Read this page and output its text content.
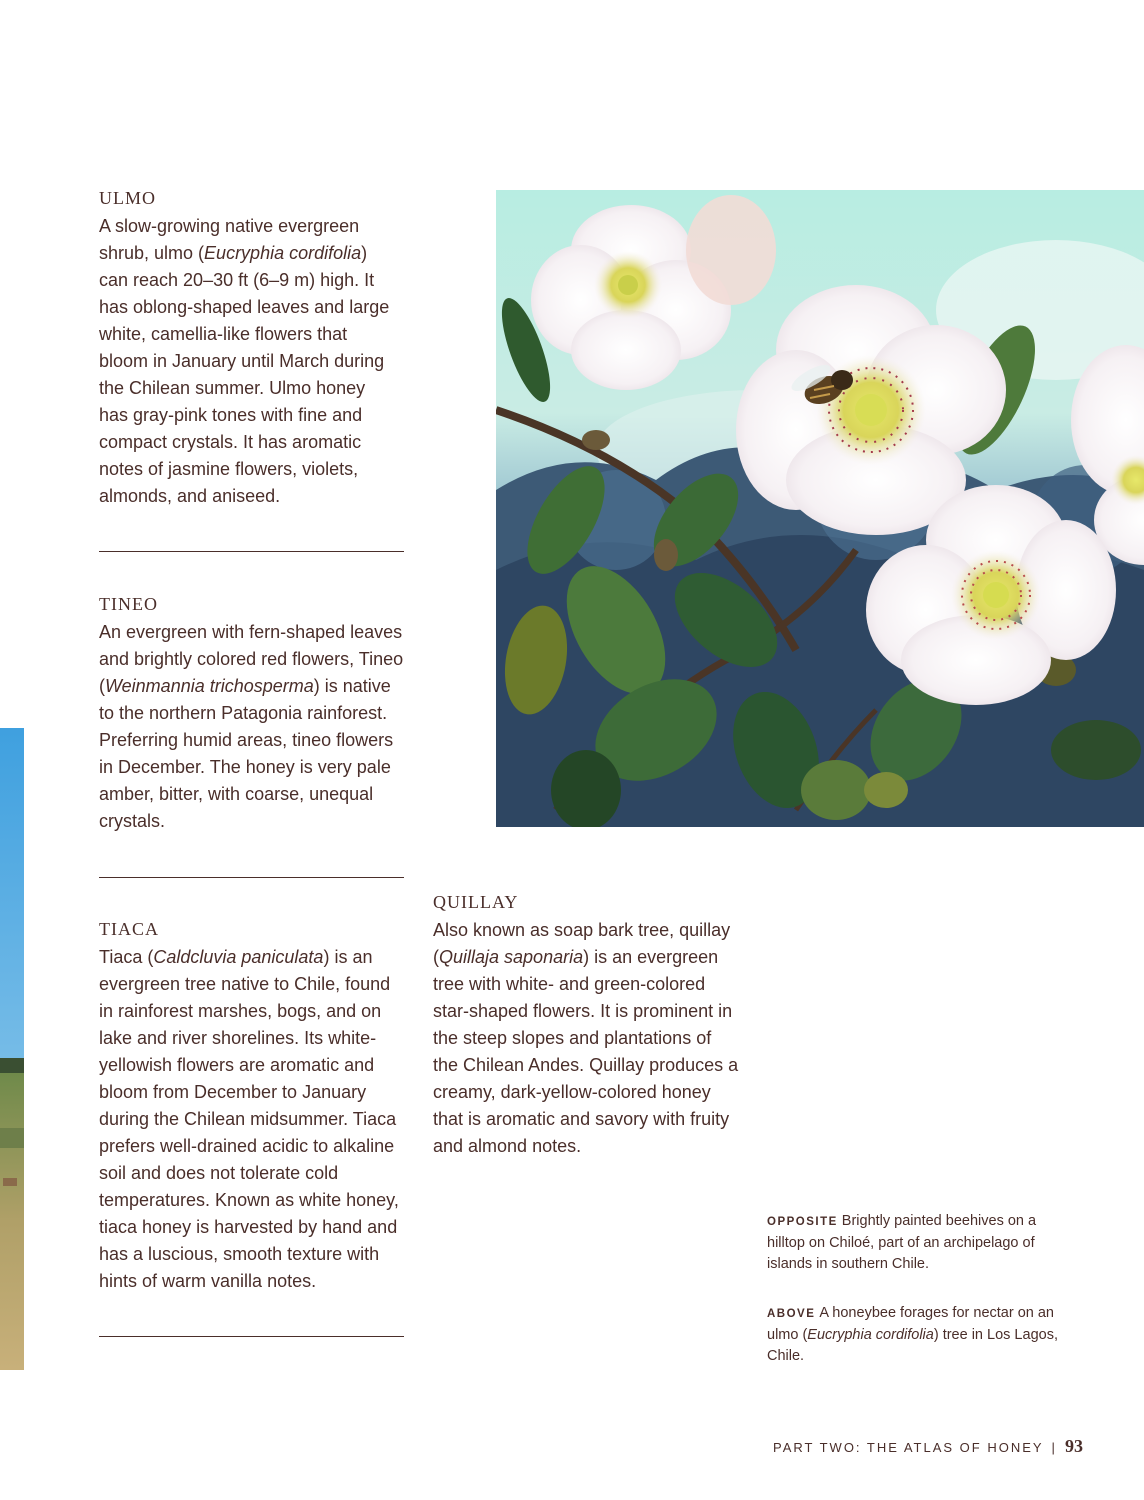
ULMO

A slow-growing native evergreen shrub, ulmo (Eucryphia cordifolia) can reach 20–30 ft (6–9 m) high. It has oblong-shaped leaves and large white, camellia-like flowers that bloom in January until March during the Chilean summer. Ulmo honey has gray-pink tones with fine and compact crystals. It has aromatic notes of jasmine flowers, violets, almonds, and aniseed.

TINEO

An evergreen with fern-shaped leaves and brightly colored red flowers, Tineo (Weinmannia trichosperma) is native to the northern Patagonia rainforest. Preferring humid areas, tineo flowers in December. The honey is very pale amber, bitter, with coarse, unequal crystals.

TIACA

Tiaca (Caldcluvia paniculata) is an evergreen tree native to Chile, found in rainforest marshes, bogs, and on lake and river shorelines. Its white-yellowish flowers are aromatic and bloom from December to January during the Chilean midsummer. Tiaca prefers well-drained acidic to alkaline soil and does not tolerate cold temperatures. Known as white honey, tiaca honey is harvested by hand and has a luscious, smooth texture with hints of warm vanilla notes.

QUILLAY

Also known as soap bark tree, quillay (Quillaja saponaria) is an evergreen tree with white- and green-colored star-shaped flowers. It is prominent in the steep slopes and plantations of the Chilean Andes. Quillay produces a creamy, dark-yellow-colored honey that is aromatic and savory with fruity and almond notes.

OPPOSITE Brightly painted beehives on a hilltop on Chiloé, part of an archipelago of islands in southern Chile.

ABOVE A honeybee forages for nectar on an ulmo (Eucryphia cordifolia) tree in Los Lagos, Chile.

PART TWO: THE ATLAS OF HONEY | 93
